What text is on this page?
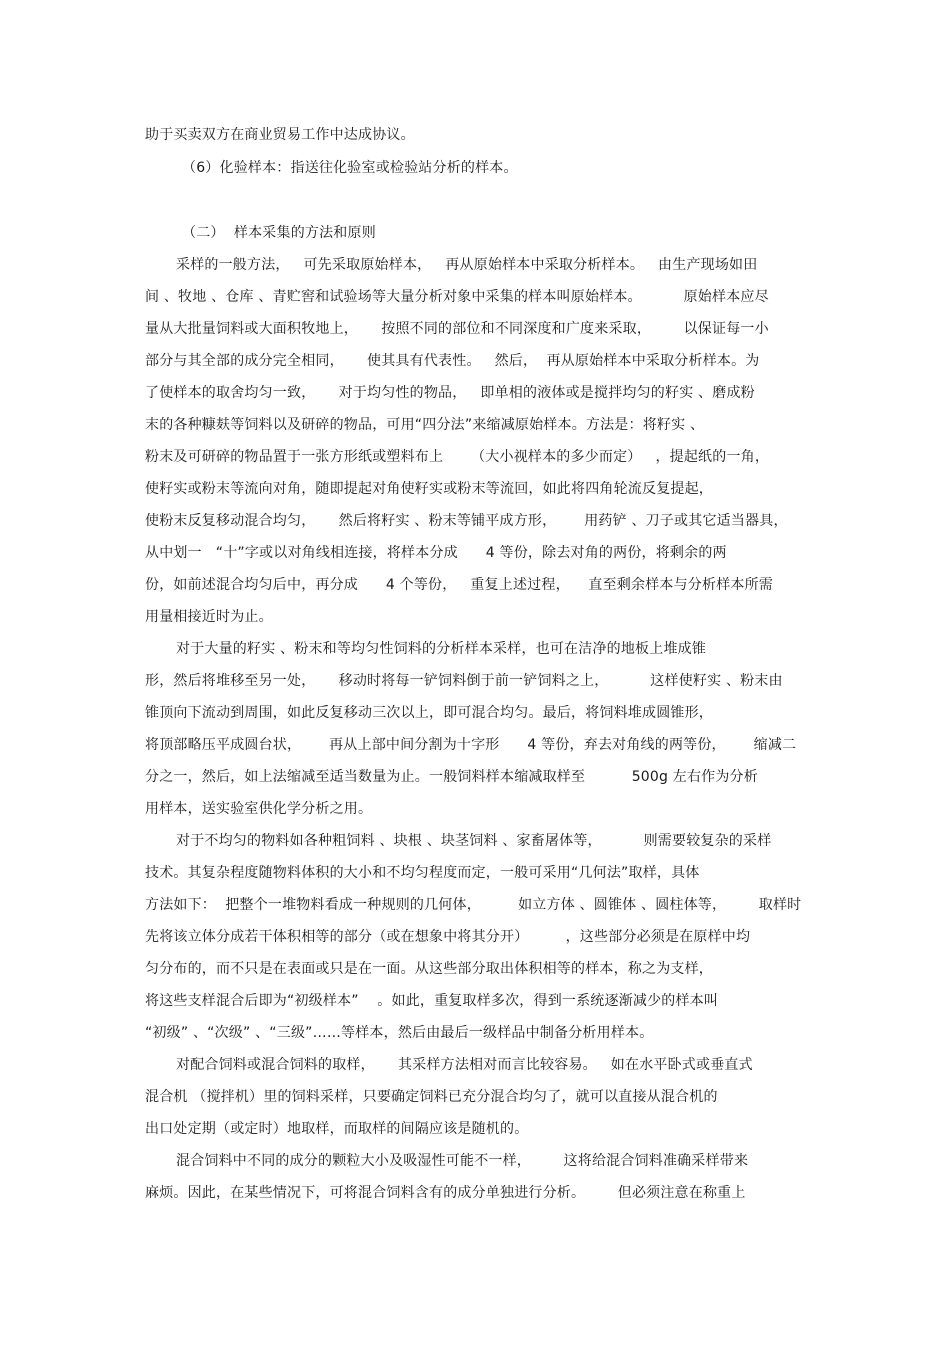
助于买卖双方在商业贸易工作中达成协议。
（6）化验样本：指送往化验室或检验站分析的样本。
（二）  样本采集的方法和原则
采样的一般方法，   可先采取原始样本，   再从原始样本中采取分析样本。   由生产现场如田
间 、牧地 、仓库 、青贮窖和试验场等大量分析对象中采集的样本叫原始样本。         原始样本应尽
量从大批量饲料或大面积牧地上，     按照不同的部位和不同深度和广度来采取，       以保证每一小
部分与其全部的成分完全相同，     使其具有代表性。   然后，  再从原始样本中采取分析样本。为
了使样本的取舍均匀一致，     对于均匀性的物品，   即单相的液体或是搅拌均匀的籽实 、磨成粉
末的各种糠麸等饲料以及研碎的物品，可用“四分法”来缩减原始样本。方法是：将籽实 、
粉末及可研碎的物品置于一张方形纸或塑料布上      （大小视样本的多少而定）   ，提起纸的一角，
使籽实或粉末等流向对角，随即提起对角使籽实或粉末等流回，如此将四角轮流反复提起，
使粉末反复移动混合均匀，     然后将籽实 、粉末等铺平成方形，      用药铲 、刀子或其它适当器具，
从中划一   “十”字或以对角线相连接，将样本分成      4 等份，除去对角的两份，将剩余的两
份，如前述混合均匀后中，再分成      4 个等份，   重复上述过程，    直至剩余样本与分析样本所需
用量相接近时为止。
对于大量的籽实 、粉末和等均匀性饲料的分析样本采样，也可在洁净的地板上堆成锥
形，然后将堆移至另一处，     移动时将每一铲饲料倒于前一铲饲料之上，         这样使籽实 、粉末由
锥顶向下流动到周围，如此反复移动三次以上，即可混合均匀。最后，将饲料堆成圆锥形，
将顶部略压平成圆台状，      再从上部中间分割为十字形      4 等份，弃去对角线的两等份，      缩减二
分之一，然后，如上法缩减至适当数量为止。一般饲料样本缩减取样至          500g 左右作为分析
用样本，送实验室供化学分析之用。
对于不均匀的物料如各种粗饲料 、块根 、块茎饲料 、家畜屠体等，         则需要较复杂的采样
技术。其复杂程度随物料体积的大小和不均匀程度而定，一般可采用“几何法”取样，具体
方法如下：  把整个一堆物料看成一种规则的几何体，        如立方体 、圆锥体 、圆柱体等，       取样时
先将该立体分成若干体积相等的部分（或在想象中将其分开）        ，这些部分必须是在原样中均
匀分布的，而不只是在表面或只是在一面。从这些部分取出体积相等的样本，称之为支样，
将这些支样混合后即为“初级样本”    。如此，重复取样多次，得到一系统逐渐减少的样本叫
“初级” 、“次级” 、“三级”……等样本，然后由最后一级样品中制备分析用样本。
对配合饲料或混合饲料的取样，     其采样方法相对而言比较容易。   如在水平卧式或垂直式
混合机 （搅拌机）里的饲料采样，只要确定饲料已充分混合均匀了，就可以直接从混合机的
出口处定期（或定时）地取样，而取样的间隔应该是随机的。
混合饲料中不同的成分的颗粒大小及吸湿性可能不一样，       这将给混合饲料准确采样带来
麻烦。因此，在某些情况下，可将混合饲料含有的成分单独进行分析。       但必须注意在称重上
